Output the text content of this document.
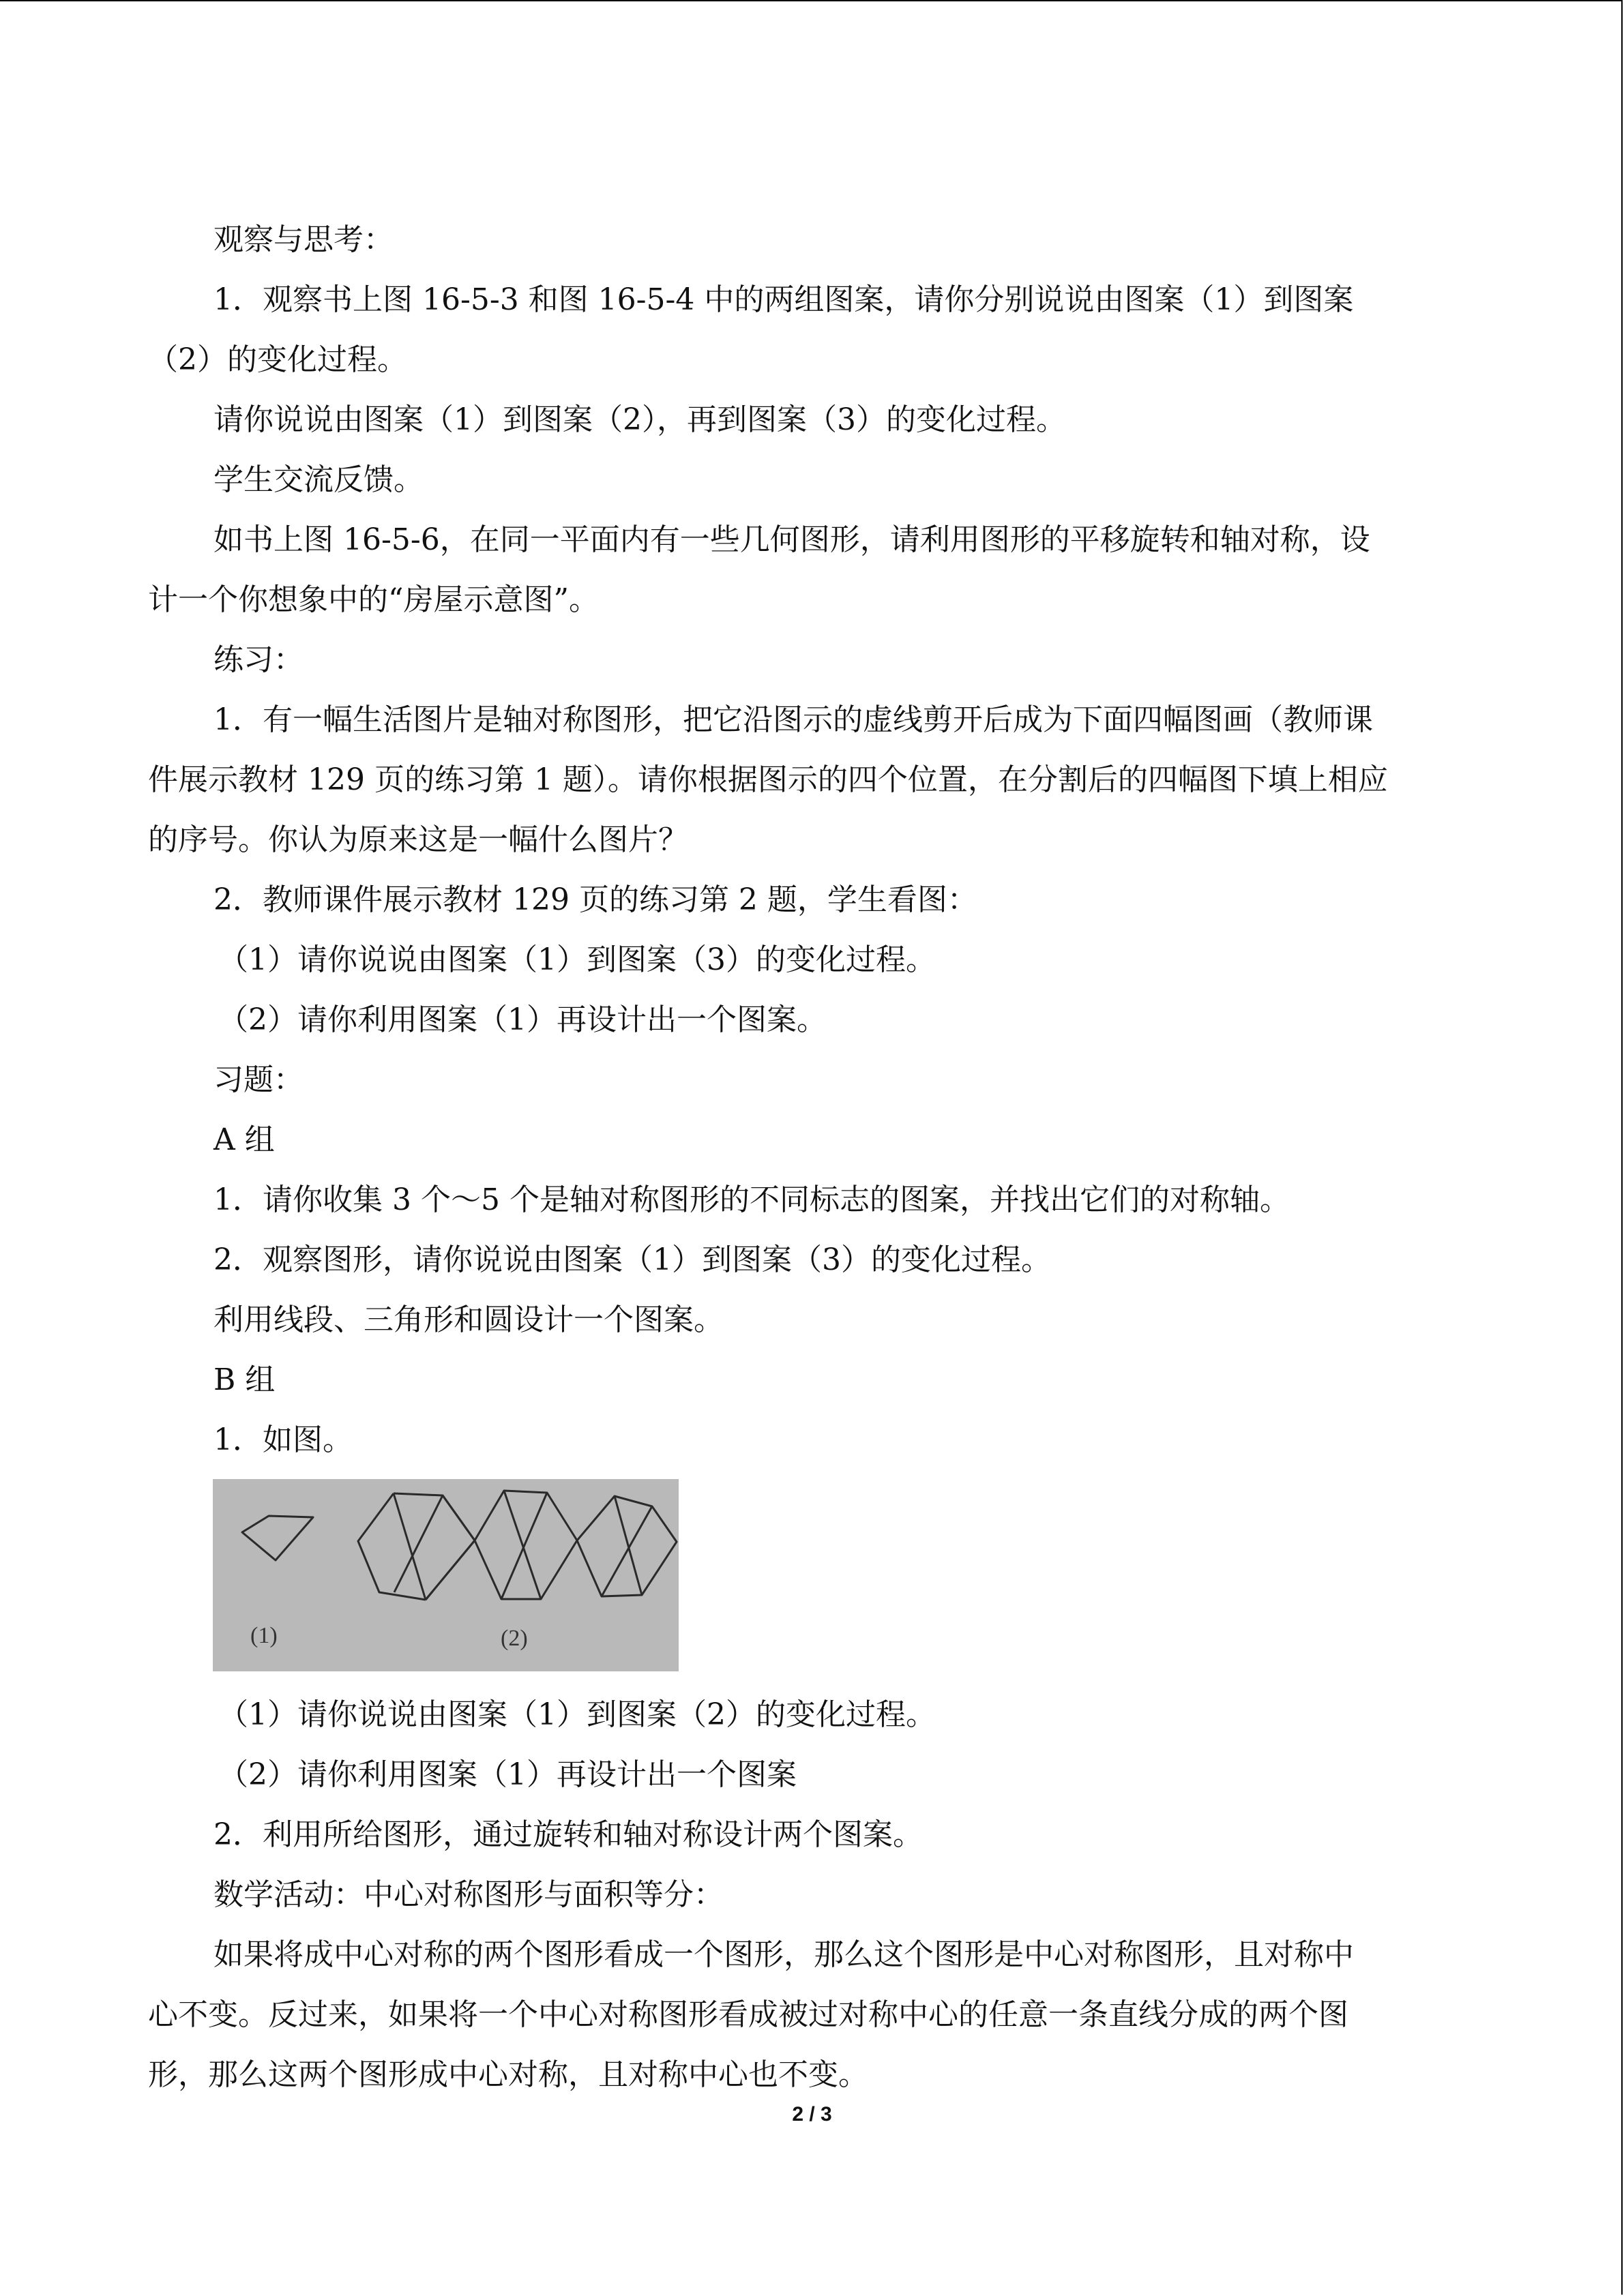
观察与思考：
1．观察书上图 16-5-3 和图 16-5-4 中的两组图案，请你分别说说由图案（1）到图案
（2）的变化过程。
请你说说由图案（1）到图案（2），再到图案（3）的变化过程。
学生交流反馈。
如书上图 16-5-6，在同一平面内有一些几何图形，请利用图形的平移旋转和轴对称，设
计一个你想象中的“房屋示意图”。
练习：
1．有一幅生活图片是轴对称图形，把它沿图示的虚线剪开后成为下面四幅图画（教师课
件展示教材 129 页的练习第 1 题）。请你根据图示的四个位置，在分割后的四幅图下填上相应
的序号。你认为原来这是一幅什么图片？
2．教师课件展示教材 129 页的练习第 2 题，学生看图：
（1）请你说说由图案（1）到图案（3）的变化过程。
（2）请你利用图案（1）再设计出一个图案。
习题：
A 组
1．请你收集 3 个～5 个是轴对称图形的不同标志的图案，并找出它们的对称轴。
2．观察图形，请你说说由图案（1）到图案（3）的变化过程。
利用线段、三角形和圆设计一个图案。
B 组
1．如图。
(1)	(2)
（1）请你说说由图案（1）到图案（2）的变化过程。
（2）请你利用图案（1）再设计出一个图案
2．利用所给图形，通过旋转和轴对称设计两个图案。
数学活动：中心对称图形与面积等分：
如果将成中心对称的两个图形看成一个图形，那么这个图形是中心对称图形，且对称中
心不变。反过来，如果将一个中心对称图形看成被过对称中心的任意一条直线分成的两个图
形，那么这两个图形成中心对称，且对称中心也不变。
2 / 3
